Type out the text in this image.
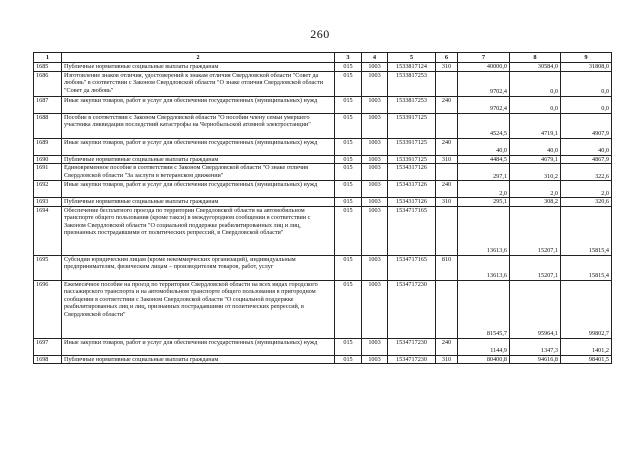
260
1	2	3	4	5	6	7	8	9
1685	Публичные нормативные социальные выплаты гражданам	015	1003	1533817124	310	40000,0	30584,0	31808,0
1686	Изготовление знаков отличия, удостоверений к знакам отличия Свердловской области "Совет да любовь" в соответствии с Законом Свердловской области "О знаке отличия Свердловской области "Совет да любовь"	015	1003	1533817253		9702,4	0,0	0,0
1687	Иные закупки товаров, работ и услуг для обеспечения государственных (муниципальных) нужд	015	1003	1533817253	240	9702,4	0,0	0,0
1688	Пособие в соответствии с Законом Свердловской области "О пособии члену семьи умершего участника ликвидации последствий катастрофы на Чернобыльской атомной электростанции"	015	1003	1533917125		4524,5	4719,1	4907,9
1689	Иные закупки товаров, работ и услуг для обеспечения государственных (муниципальных) нужд	015	1003	1533917125	240	40,0	40,0	40,0
1690	Публичные нормативные социальные выплаты гражданам	015	1003	1533917125	310	4484,5	4679,1	4867,9
1691	Единовременное пособие в соответствии с Законом Свердловской области "О знаке отличия Свердловской области "За заслуги в ветеранском движении"	015	1003	1534317126		297,1	310,2	322,6
1692	Иные закупки товаров, работ и услуг для обеспечения государственных (муниципальных) нужд	015	1003	1534317126	240	2,0	2,0	2,0
1693	Публичные нормативные социальные выплаты гражданам	015	1003	1534317126	310	295,1	308,2	320,6
1694	Обеспечение бесплатного проезда по территории Свердловской области на автомобильном транспорте общего пользования (кроме такси) в междугородном сообщении в соответствии с Законом Свердловской области "О социальной поддержке реабилитированных лиц и лиц, признанных пострадавшими от политических репрессий, в Свердловской области"	015	1003	1534717165		13613,6	15207,1	15815,4
1695	Субсидии юридическим лицам (кроме некоммерческих организаций), индивидуальным предпринимателям, физическим лицам – производителям товаров, работ, услуг	015	1003	1534717165	810	13613,6	15207,1	15815,4
1696	Ежемесячное пособие на проезд по территории Свердловской области на всех видах городского пассажирского транспорта и на автомобильном транспорте общего пользования в пригородном сообщении в соответствии с Законом Свердловской области "О социальной поддержке реабилитированных лиц и лиц, признанных пострадавшими от политических репрессий, в Свердловской области"	015	1003	1534717230		81545,7	95964,1	99802,7
1697	Иные закупки товаров, работ и услуг для обеспечения государственных (муниципальных) нужд	015	1003	1534717230	240	1144,9	1347,3	1401,2
1698	Публичные нормативные социальные выплаты гражданам	015	1003	1534717230	310	80400,8	94616,8	98401,5
